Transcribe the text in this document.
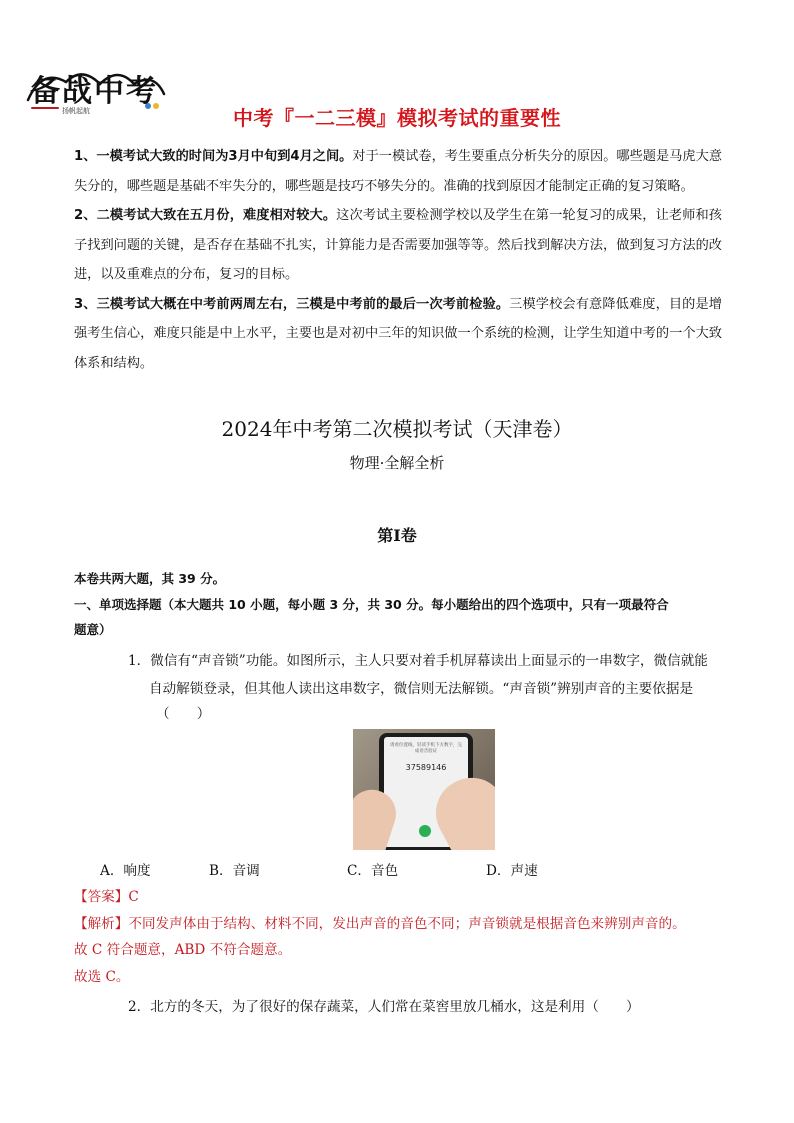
备战中考
扬帆起航	中考『一二三模』模拟考试的重要性

1、一模考试大致的时间为3月中旬到4月之间。对于一模试卷，考生要重点分析失分的原因。哪些题是马虎大意失分的，哪些题是基础不牢失分的，哪些题是技巧不够失分的。准确的找到原因才能制定正确的复习策略。

2、二模考试大致在五月份，难度相对较大。这次考试主要检测学校以及学生在第一轮复习的成果，让老师和孩子找到问题的关键，是否存在基础不扎实，计算能力是否需要加强等等。然后找到解决方法，做到复习方法的改进，以及重难点的分布，复习的目标。

3、三模考试大概在中考前两周左右，三模是中考前的最后一次考前检验。三模学校会有意降低难度，目的是增强考生信心，难度只能是中上水平，主要也是对初中三年的知识做一个系统的检测，让学生知道中考的一个大致体系和结构。

2024年中考第二次模拟考试（天津卷）
物理·全解全析
第Ⅰ卷
本卷共两大题，其 39 分。
一、单项选择题（本大题共 10 小题，每小题 3 分，共 30 分。每小题给出的四个选项中，只有一项最符合
题意）
1．微信有“声音锁”功能。如图所示，主人只要对着手机屏幕读出上面显示的一串数字，微信就能
自动解锁登录，但其他人读出这串数字，微信则无法解锁。“声音锁”辨别声音的主要依据是
（　　）
请看位置线，轻读手机下方数字，完成语音验证
37589146
A．响度	B．音调	C．音色	D．声速
【答案】C
【解析】不同发声体由于结构、材料不同，发出声音的音色不同；声音锁就是根据音色来辨别声音的。
故 C 符合题意，ABD 不符合题意。
故选 C。
2．北方的冬天，为了很好的保存蔬菜，人们常在菜窖里放几桶水，这是利用（　　）
